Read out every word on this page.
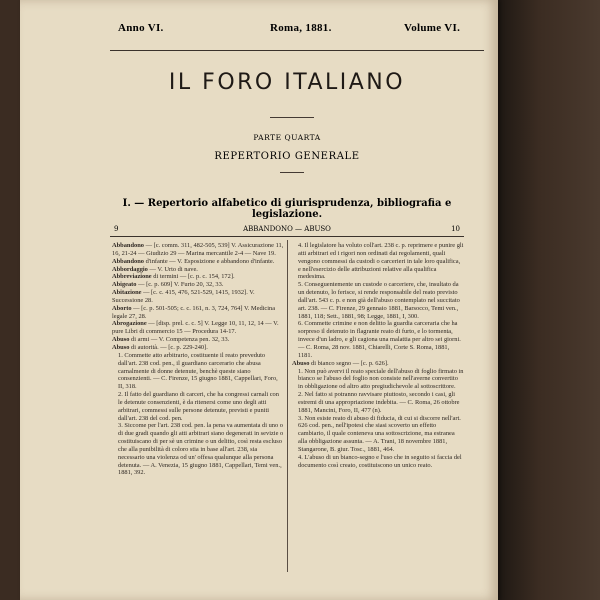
Anno VI.	Roma, 1881.	Volume VI.
IL FORO ITALIANO
PARTE QUARTA
REPERTORIO GENERALE
I. — Repertorio alfabetico di giurisprudenza, bibliografia e legislazione.
9	ABBANDONO — ABUSO	10

Abbandono — [c. comm. 311, 482-505, 539] V. Assicurazione 11, 16, 21-24 — Giudizio 29 — Marina mercantile 2-4 — Nave 19.

Abbandono d'infante — V. Esposizione e abbandono d'infante.

Abbordaggio — V. Urto di nave.

Abbreviazione di termini — [c. p. c. 154, 172].

Abigeato — [c. p. 609] V. Furto 20, 32, 33.

Abitazione — [c. c. 415, 476, 521-529, 1415, 1932]. V. Successione 28.

Aborto — [c. p. 501-505; c. c. 161, n. 3, 724, 764] V. Medicina legale 27, 28.

Abrogazione — [disp. prel. c. c. 5] V. Legge 10, 11, 12, 14 — V. pure Libri di commercio 15 — Procedura 14-17.

Abuso di armi — V. Competenza pen. 32, 33.

Abuso di autorità. — [c. p. 229-240].

1. Commette atto arbitrario, costituente il reato preveduto dall'art. 238 cod. pen., il guardiano carcerario che abusa carnalmente di donne detenute, benchè queste siano consenzienti. — C. Firenze, 15 giugno 1881, Cappellari, Foro, II, 318.

2. Il fatto del guardiano di carceri, che ha congressi carnali con le detenute consenzienti, è da ritenersi come uno degli atti arbitrari, commessi sulle persone detenute, previsti e puniti dall'art. 238 del cod. pen.

3. Siccome per l'art. 238 cod. pen. la pena va aumentata di uno o di due gradi quando gli atti arbitrari siano degenerati in sevizie o costituiscano di per sè un crimine o un delitto, così resta escluso che alla punibilità di coloro stia in base all'art. 238, sia necessario una violenza od un' offesa qualunque alla persona detenuta. — A. Venezia, 15 giugno 1881, Cappellari, Temi ven., 1881, 392.

4. Il legislatore ha voluto coll'art. 238 c. p. reprimere e punire gli atti arbitrari ed i rigori non ordinati dai regolamenti, quali vengono commessi da custodi o carcerieri in tale loro qualifica, e nell'esercizio delle attribuzioni relative alla qualifica medesima.

5. Conseguentemente un custode o carceriere, che, insultato da un detenuto, lo ferisce, si rende responsabile del reato previsto dall'art. 543 c. p. e non già dell'abuso contemplato nel succitato art. 238. — C. Firenze, 29 gennaio 1881, Barsocco, Temi ven., 1881, 118; Sett., 1881, 98; Legge, 1881, I, 300.

6. Commette crimine e non delitto la guardia carceraria che ha sorpreso il detenuto in flagrante reato di furto, e lo tormenta, invece d'un ladro, e gli cagiona una malattia per altro sei giorni. — C. Roma, 28 nov. 1881, Chiarelli, Corte S. Roma, 1881, 1181.

Abuso di bianco segno — [c. p. 626].

1. Non può avervi il reato speciale dell'abuso di foglio firmato in bianco se l'abuso del foglio non consiste nell'averne convertito in obbligazione od altro atto pregiudichevole al sottoscrittore.

2. Nel fatto si potranno ravvisare piuttosto, secondo i casi, gli estremi di una appropriazione indebita. — C. Roma, 26 ottobre 1881, Mancini, Foro, II, 477 (n).

3. Non esiste reato di abuso di fiducia, di cui si discorre nell'art. 626 cod. pen., nell'ipotesi che siasi scoverto un effetto cambiario, il quale conteneva una sottoscrizione, ma estranea alla obbligazione assunta. — A. Trani, 18 novembre 1881, Stangarone, B. giur. Tosc., 1881, 464.

4. L'abuso di un bianco-segno e l'uso che in seguito si faccia del documento così creato, costituiscono un unico reato.
